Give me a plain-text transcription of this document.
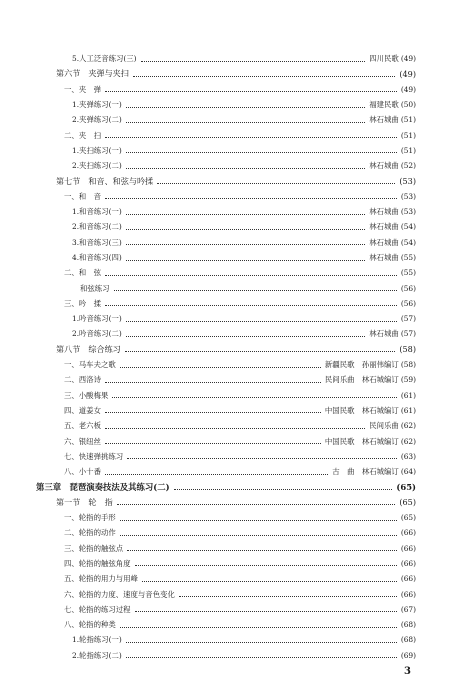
5.人工泛音练习(三)	四川民歌 (49)
第六节　夹弹与夹扫	(49)
一、夹　弹	(49)
1.夹弹练习(一)	福建民歌 (50)
2.夹弹练习(二)	林石城曲 (51)
二、夹　扫	(51)
1.夹扫练习(一)	(51)
2.夹扫练习(二)	林石城曲 (52)
第七节　和音、和弦与吟揉	(53)
一、和　音	(53)
1.和音练习(一)	林石城曲 (53)
2.和音练习(二)	林石城曲 (54)
3.和音练习(三)	林石城曲 (54)
4.和音练习(四)	林石城曲 (55)
二、和　弦	(55)
和弦练习	(56)
三、吟　揉	(56)
1.吟音练习(一)	(57)
2.吟音练习(二)	林石城曲 (57)
第八节　综合练习	(58)
一、马车夫之歌	新疆民歌　孙丽伟编订 (58)
二、西洛诗	民间乐曲　林石城编订 (59)
三、小酸梅果	(61)
四、道姜女	中国民歌　林石城编订 (61)
五、老六板	民间乐曲 (62)
六、银纽丝	中国民歌　林石城编订 (62)
七、快速弹挑练习	(63)
八、小十番	古　曲　林石城编订 (64)
第三章　琵琶演奏技法及其练习(二)	(65)
第一节　轮　指	(65)
一、轮指的手形	(65)
二、轮指的动作	(66)
三、轮指的触弦点	(66)
四、轮指的触弦角度	(66)
五、轮指的用力与用峰	(66)
六、轮指的力度、速度与音色变化	(66)
七、轮指的练习过程	(67)
八、轮指的种类	(68)
1.轮指练习(一)	(68)
2.轮指练习(二)	(69)
3
